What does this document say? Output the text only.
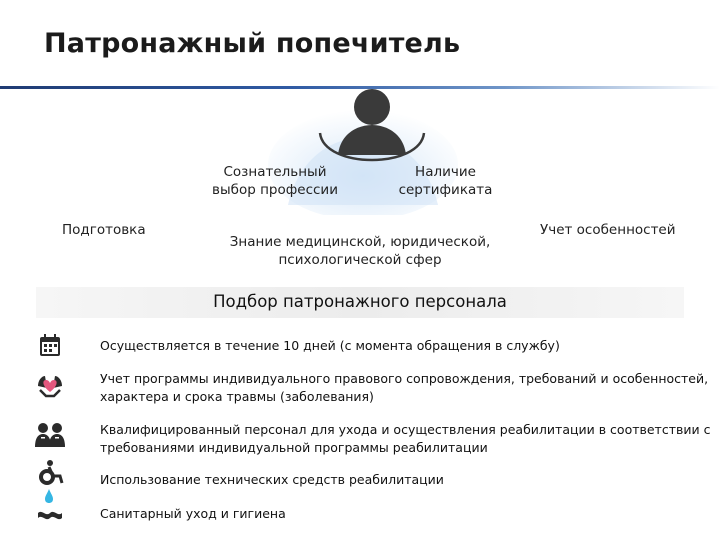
Патронажный попечитель
Сознательный
выбор профессии
Наличие
сертификата
Подготовка
Знание медицинской, юридической,
психологической сфер
Учет особенностей
Подбор патронажного персонала
Осуществляется в течение 10 дней (с момента обращения в службу)
Учет программы индивидуального правового сопровождения, требований и особенностей,
характера и срока травмы (заболевания)
Квалифицированный персонал для ухода и осуществления реабилитации в соответствии с
требованиями индивидуальной программы реабилитации
Использование технических средств реабилитации
Санитарный уход и гигиена
